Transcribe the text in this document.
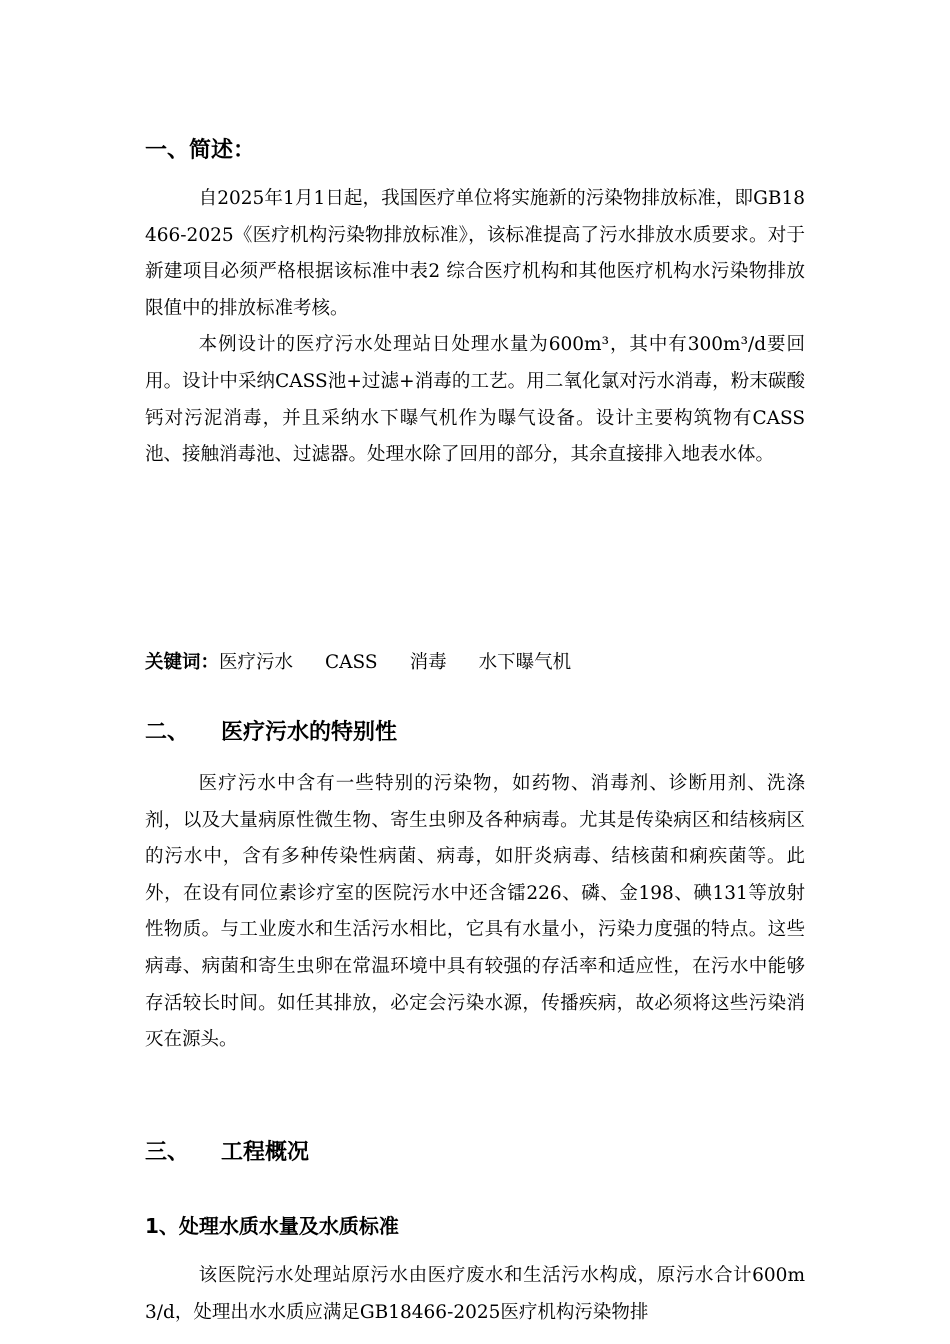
一、简述：

自2025年1月1日起，我国医疗单位将实施新的污染物排放标准，即GB18466-2025《医疗机构污染物排放标准》，该标准提高了污水排放水质要求。对于新建项目必须严格根据该标准中表2 综合医疗机构和其他医疗机构水污染物排放限值中的排放标准考核。

本例设计的医疗污水处理站日处理水量为600m³，其中有300m³/d要回用。设计中采纳CASS池+过滤+消毒的工艺。用二氧化氯对污水消毒，粉末碳酸钙对污泥消毒，并且采纳水下曝气机作为曝气设备。设计主要构筑物有CASS池、接触消毒池、过滤器。处理水除了回用的部分，其余直接排入地表水体。

关键词：医疗污水 CASS 消毒 水下曝气机

二、 医疗污水的特别性

医疗污水中含有一些特别的污染物，如药物、消毒剂、诊断用剂、洗涤剂，以及大量病原性微生物、寄生虫卵及各种病毒。尤其是传染病区和结核病区的污水中，含有多种传染性病菌、病毒，如肝炎病毒、结核菌和痢疾菌等。此外，在设有同位素诊疗室的医院污水中还含镭226、磷、金198、碘131等放射性物质。与工业废水和生活污水相比，它具有水量小，污染力度强的特点。这些病毒、病菌和寄生虫卵在常温环境中具有较强的存活率和适应性，在污水中能够存活较长时间。如任其排放，必定会污染水源，传播疾病，故必须将这些污染消灭在源头。

三、 工程概况

1、处理水质水量及水质标准

该医院污水处理站原污水由医疗废水和生活污水构成，原污水合计600m3/d，处理出水水质应满足GB18466-2025医疗机构污染物排
